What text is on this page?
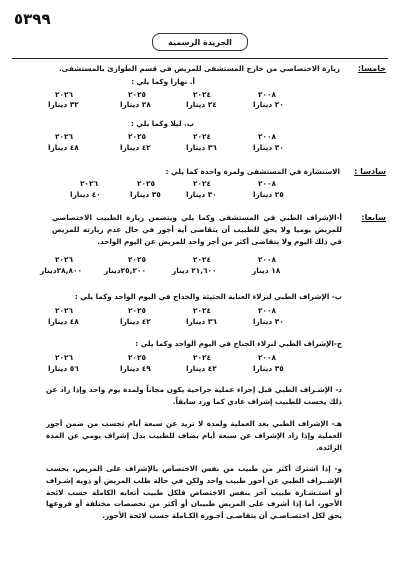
٥٣٩٩
الجريدة الرسمية
خامسا:
زيارة الاختصاصي من خارج المستشفى للمريض في قسم الطوارئ بالمستشفى.
أ. نهارا وكما يلي :
٢٠٠٨
٢٠٢٤
٢٠٢٥
٢٠٢٦
٢٠ دينارا
٢٤ دينارا
٢٨ دينارا
٣٢ دينارا
ب. ليلا وكما يلي :
٢٠٠٨
٢٠٢٤
٢٠٢٥
٢٠٢٦
٣٠ دينارا
٣٦ دينارا
٤٢ دينارا
٤٨ دينارا
سادسا :
الاستشارة في المستشفى ولمرة واحدة كما يلي :
٢٠٠٨
٢٠٢٤
٢٠٢٥
٢٠٢٦
٢٥ دينارا
٣٠ دينارا
٣٥ دينارا
٤٠ دينارا
سابعا:
أ-الإشراف الطبي في المستشفى وكما يلي ويتضمن زيارة الطبيب الاختصاصي للمريض يوميا ولا يحق للطبيب أن يتقاضى أية أجور في حال عدم زيارته للمريض في ذلك اليوم ولا يتقاضى أكثر من أجر واحد للمريض عن اليوم الواحد.
٢٠٠٨
٢٠٢٤
٢٠٢٥
٢٠٢٦
١٨ دينار
٢١,٦٠٠ دينار
٢٥,٢٠٠دينار
٢٨,٨٠٠دينار
ب- الإشراف الطبي لنزلاء العناية الحثيثة والخداج في اليوم الواحد وكما يلي :
٢٠٠٨
٢٠٢٤
٢٠٢٥
٢٠٢٦
٣٠ دينارا
٣٦ دينارا
٤٢ دينارا
٤٨ دينارا
ج-الإشراف الطبي لنزلاء الجناح في اليوم الواحد وكما يلي :
٢٠٠٨
٢٠٢٤
٢٠٢٥
٢٠٢٦
٣٥ دينارا
٤٢ دينارا
٤٩ دينارا
٥٦ دينارا
د- الإشـراف الطبي قبل إجراء عملية جراحية يكون مجاناً ولمدة يوم واحد وإذا زاد عن ذلك يحسب للطبيب إشراف عادي كما ورد سابقاً.
هـ- الإشراف الطبي بعد العملية ولمدة لا تزيد عن سبعة أيام تحسب من ضمن أجور العملية وإذا زاد الإشراف عن سبعة أيام يضاف للطبيب بدل إشراف يومي عن المدة الزائدة.
و- إذا اشترك أكثر من طبيب من نفس الاختصاص بالإشراف على المريض، يحسب الإشــراف الطبي عن أجور طبيب واحد ولكن في حالة طلب المريض أو ذويه إشـراف أو استـشـارة طبيب آخر بنفس الاختصاص فلكل طبيب أتعابه الكاملة حسب لائحة الأجور، أما إذا أشرف على المريض طبيبان أو أكثر من تخصصات مختلفة أو فروعها يحق لكل اختصـاصـي أن يتقاضـى أجـوره الكـاملة حسب لائحة الأجور.
